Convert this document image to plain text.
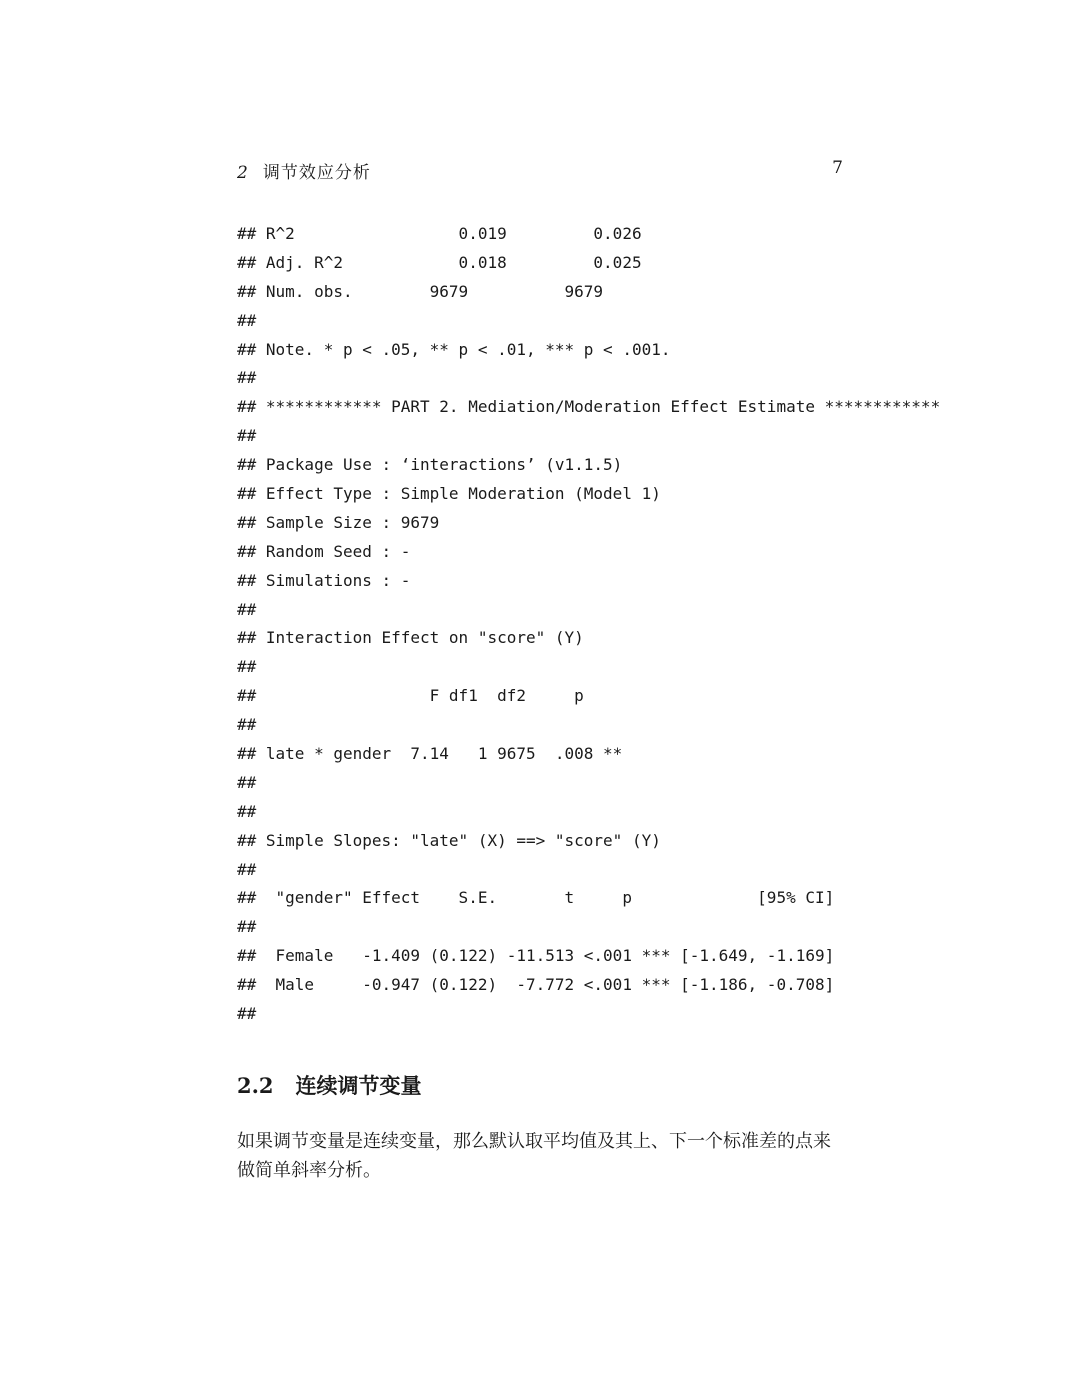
2 调节效应分析	7
## R^2                 0.019         0.026
## Adj. R^2            0.018         0.025
## Num. obs.        9679          9679
##
## Note. * p < .05, ** p < .01, *** p < .001.
##
## ************ PART 2. Mediation/Moderation Effect Estimate ************
##
## Package Use : ‘interactions’ (v1.1.5)
## Effect Type : Simple Moderation (Model 1)
## Sample Size : 9679
## Random Seed : -
## Simulations : -
##
## Interaction Effect on "score" (Y)
##
##                  F df1  df2     p
##
## late * gender  7.14   1 9675  .008 **
##
##
## Simple Slopes: "late" (X) ==> "score" (Y)
##
##  "gender" Effect    S.E.       t     p             [95% CI]
##
##  Female   -1.409 (0.122) -11.513 <.001 *** [-1.649, -1.169]
##  Male     -0.947 (0.122)  -7.772 <.001 *** [-1.186, -0.708]
##
2.2 连续调节变量

如果调节变量是连续变量，那么默认取平均值及其上、下一个标准差的点来做简单斜率分析。
